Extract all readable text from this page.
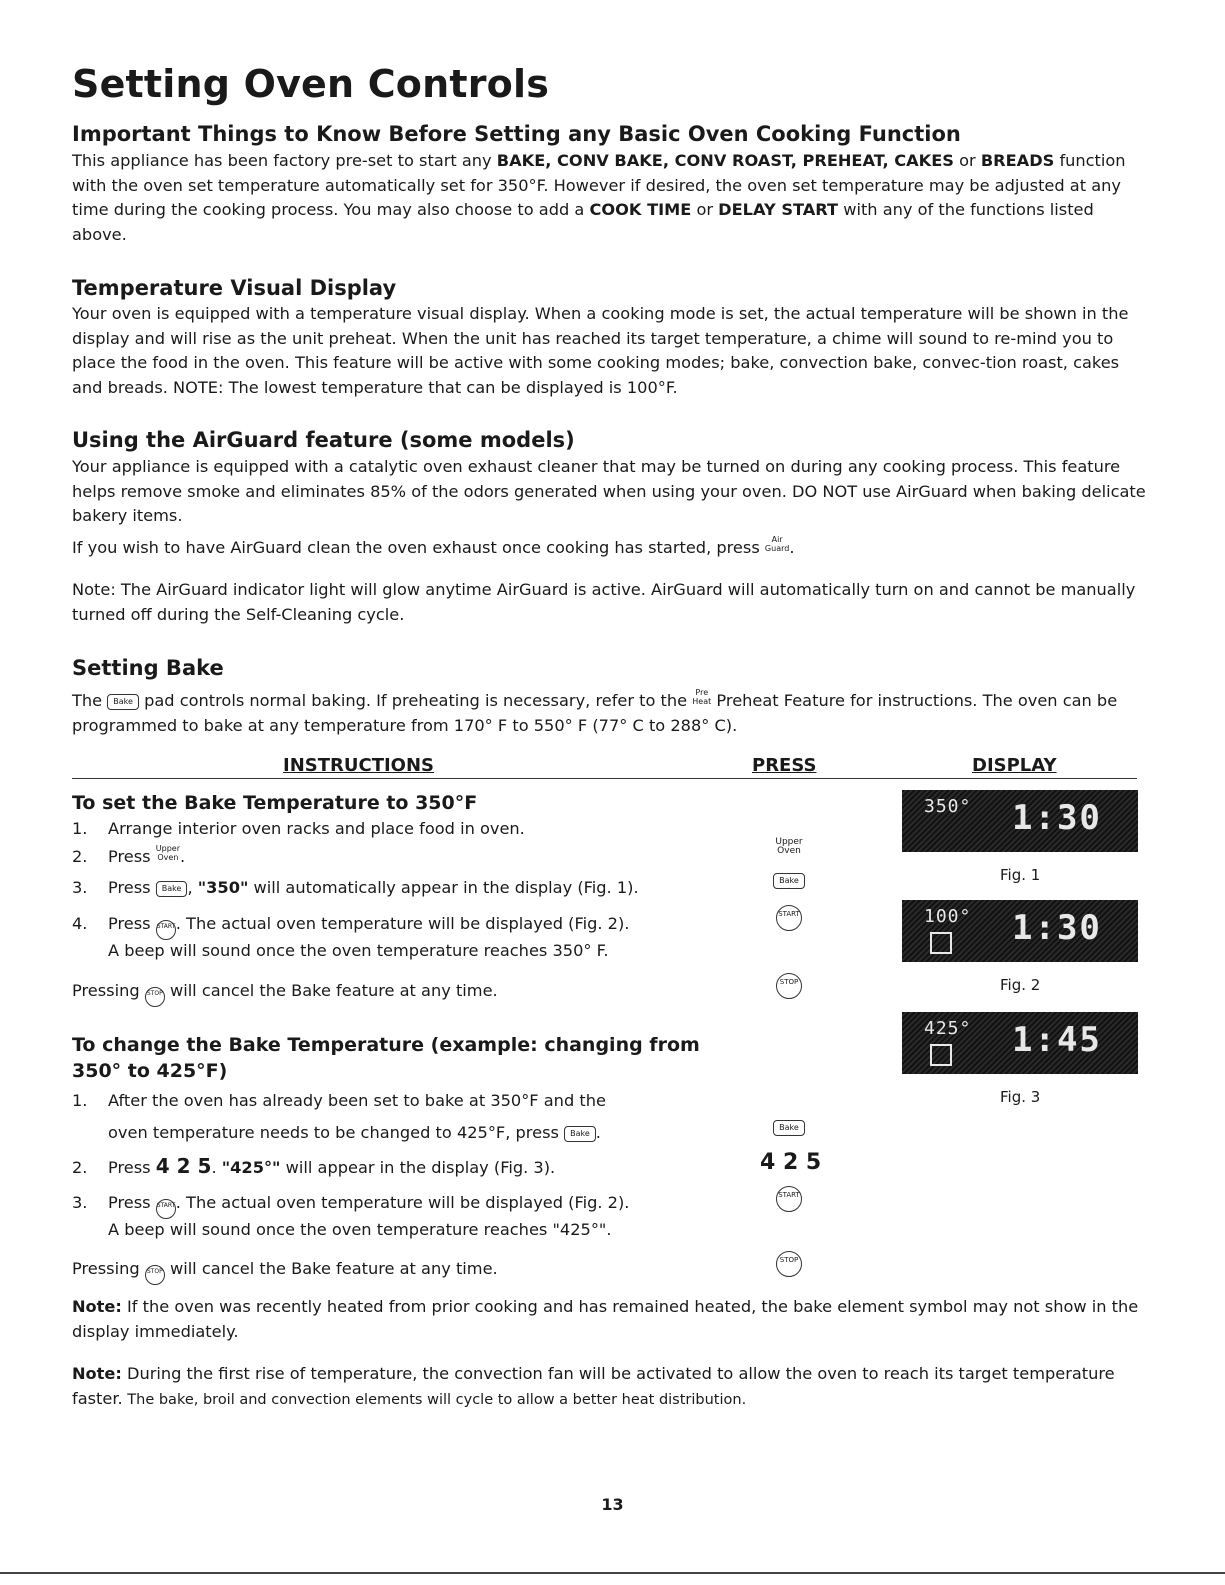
Setting Oven Controls
Important Things to Know Before Setting any Basic Oven Cooking Function

This appliance has been factory pre-set to start any BAKE, CONV BAKE, CONV ROAST, PREHEAT, CAKES or BREADS function with the oven set temperature automatically set for 350°F. However if desired, the oven set temperature may be adjusted at any time during the cooking process. You may also choose to add a COOK TIME or DELAY START with any of the functions listed above.

Temperature Visual Display

Your oven is equipped with a temperature visual display. When a cooking mode is set, the actual temperature will be shown in the display and will rise as the unit preheat. When the unit has reached its target temperature, a chime will sound to re-mind you to place the food in the oven. This feature will be active with some cooking modes; bake, convection bake, convec-tion roast, cakes and breads. NOTE: The lowest temperature that can be displayed is 100°F.

Using the AirGuard feature (some models)

Your appliance is equipped with a catalytic oven exhaust cleaner that may be turned on during any cooking process. This feature helps remove smoke and eliminates 85% of the odors generated when using your oven. DO NOT use AirGuard when baking delicate bakery items.

If you wish to have AirGuard clean the oven exhaust once cooking has started, press Air
Guard.

Note: The AirGuard indicator light will glow anytime AirGuard is active. AirGuard will automatically turn on and cannot be manually turned off during the Self-Cleaning cycle.

Setting Bake

The Bake pad controls normal baking. If preheating is necessary, refer to the Pre
Heat Preheat Feature for instructions. The oven can be programmed to bake at any temperature from 170° F to 550° F (77° C to 288° C).

INSTRUCTIONS	PRESS	DISPLAY
To set the Bake Temperature to 350°F
1. Arrange interior oven racks and place food in oven.
2. Press Upper
Oven.
3. Press Bake , "350" will automatically appear in the display (Fig. 1).
4. Press START. The actual oven temperature will be displayed (Fig. 2).
A beep will sound once the oven temperature reaches 350° F.
Pressing STOP will cancel the Bake feature at any time.
To change the Bake Temperature (example: changing from
350° to 425°F)
1. After the oven has already been set to bake at 350°F and the
oven temperature needs to be changed to 425°F, press Bake .
2. Press 4 2 5. "425°" will appear in the display (Fig. 3).
3. Press START. The actual oven temperature will be displayed (Fig. 2).
A beep will sound once the oven temperature reaches "425°".
Pressing STOP will cancel the Bake feature at any time.
Upper
Oven
Bake
START
STOP
Bake
4 2 5
START
STOP
350° 1:30
Fig. 1
100° 1:30
Fig. 2
425° 1:45
Fig. 3

Note: If the oven was recently heated from prior cooking and has remained heated, the bake element symbol may not show in the display immediately.

Note: During the first rise of temperature, the convection fan will be activated to allow the oven to reach its target temperature faster. The bake, broil and convection elements will cycle to allow a better heat distribution.

13
